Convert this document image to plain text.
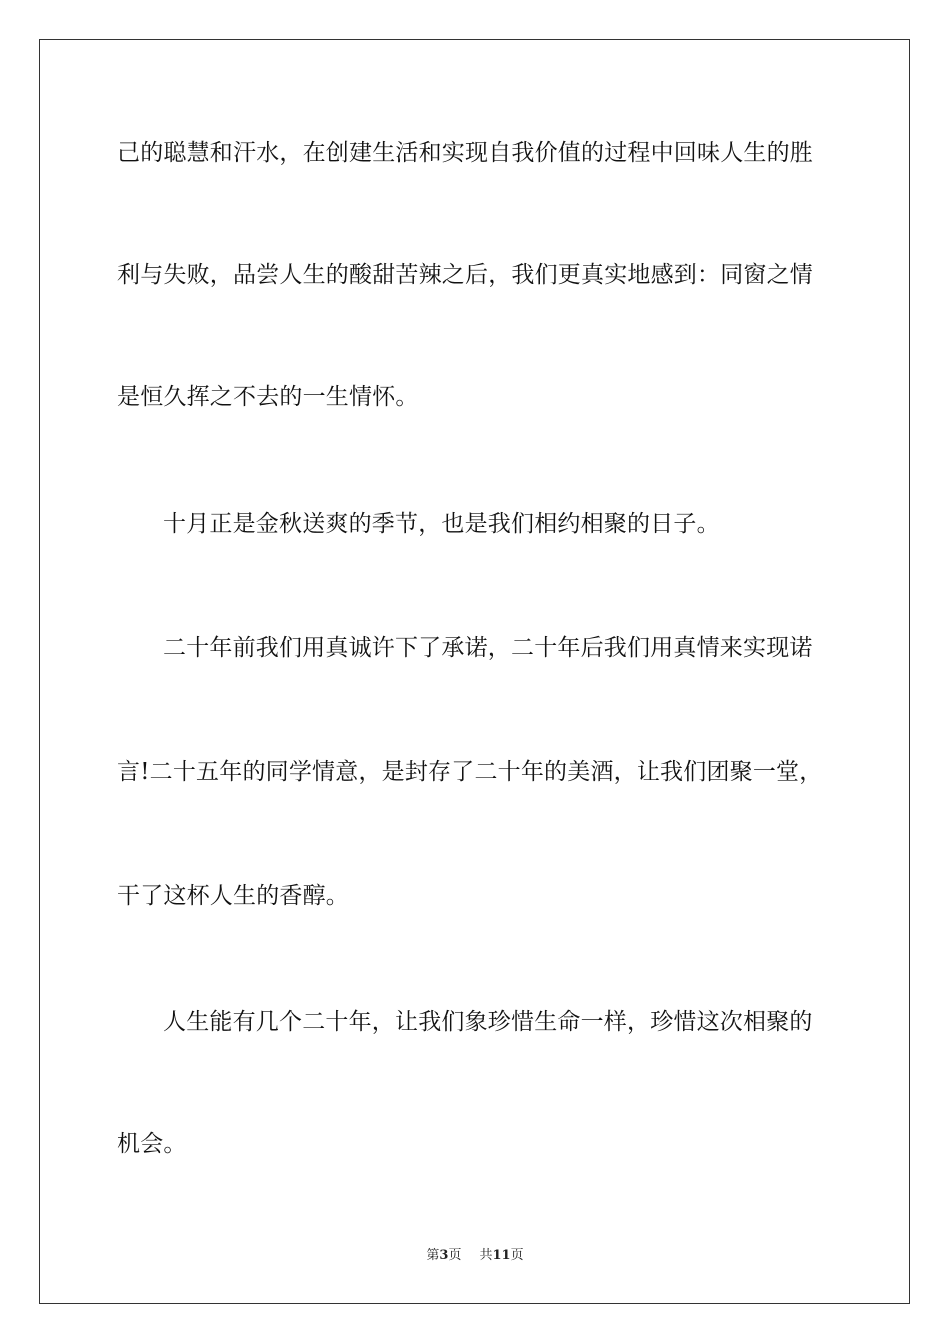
己的聪慧和汗水，在创建生活和实现自我价值的过程中回味人生的胜
利与失败，品尝人生的酸甜苦辣之后，我们更真实地感到：同窗之情
是恒久挥之不去的一生情怀。
十月正是金秋送爽的季节，也是我们相约相聚的日子。
二十年前我们用真诚许下了承诺，二十年后我们用真情来实现诺
言!二十五年的同学情意，是封存了二十年的美酒，让我们团聚一堂，
干了这杯人生的香醇。
人生能有几个二十年，让我们象珍惜生命一样，珍惜这次相聚的
机会。
第3页 共11页
